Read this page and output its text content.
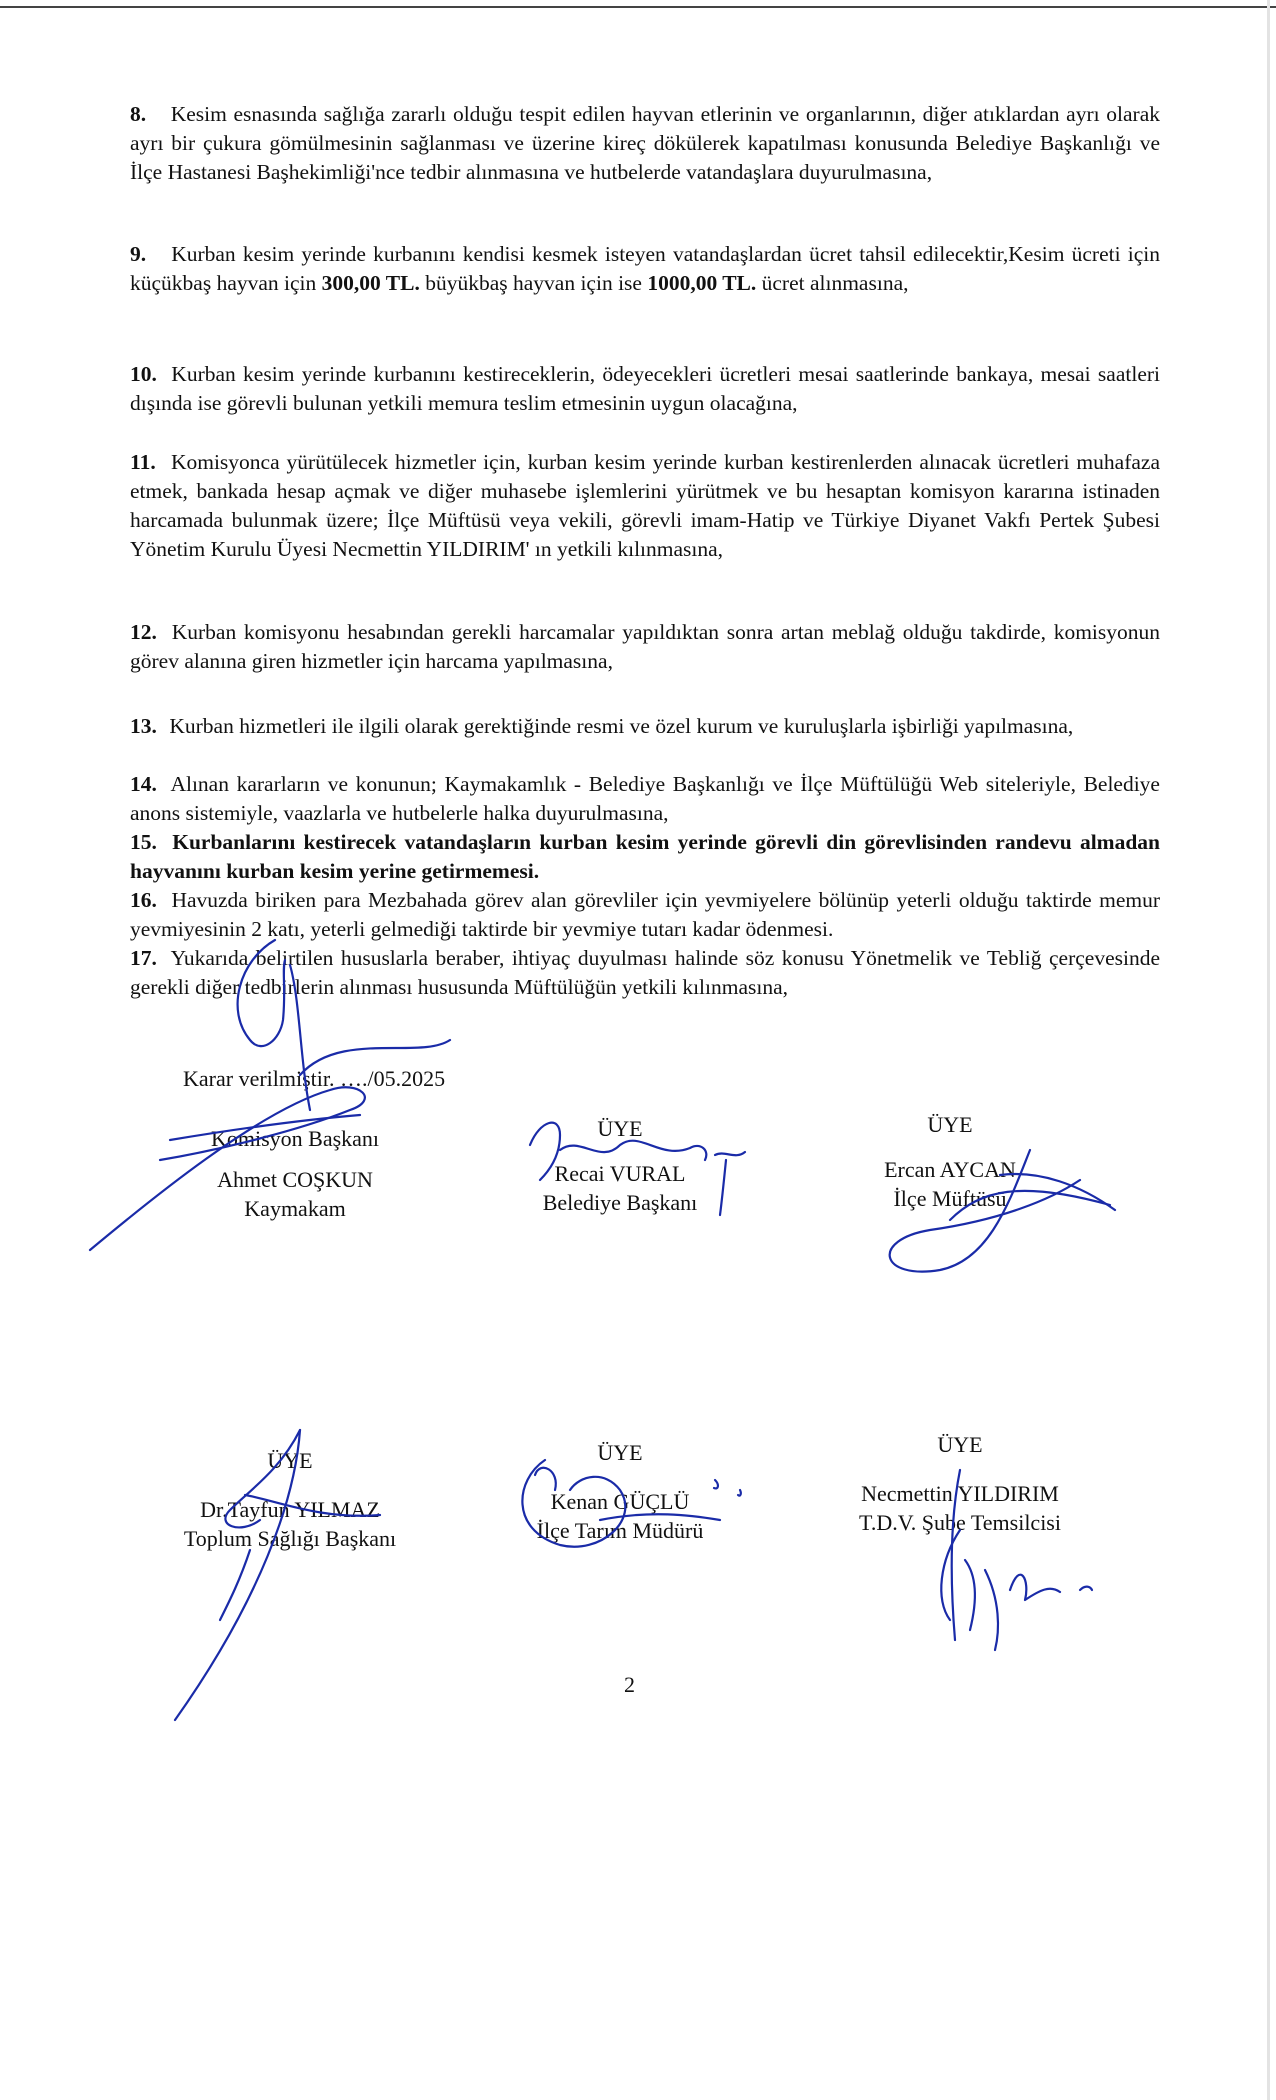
8. Kesim esnasında sağlığa zararlı olduğu tespit edilen hayvan etlerinin ve organlarının, diğer atıklardan ayrı olarak ayrı bir çukura gömülmesinin sağlanması ve üzerine kireç dökülerek kapatılması konusunda Belediye Başkanlığı ve İlçe Hastanesi Başhekimliği'nce tedbir alınmasına ve hutbelerde vatandaşlara duyurulmasına,
9. Kurban kesim yerinde kurbanını kendisi kesmek isteyen vatandaşlardan ücret tahsil edilecektir,Kesim ücreti için küçükbaş hayvan için 300,00 TL. büyükbaş hayvan için ise 1000,00 TL. ücret alınmasına,
10. Kurban kesim yerinde kurbanını kestireceklerin, ödeyecekleri ücretleri mesai saatlerinde bankaya, mesai saatleri dışında ise görevli bulunan yetkili memura teslim etmesinin uygun olacağına,
11. Komisyonca yürütülecek hizmetler için, kurban kesim yerinde kurban kestirenlerden alınacak ücretleri muhafaza etmek, bankada hesap açmak ve diğer muhasebe işlemlerini yürütmek ve bu hesaptan komisyon kararına istinaden harcamada bulunmak üzere; İlçe Müftüsü veya vekili, görevli imam-Hatip ve Türkiye Diyanet Vakfı Pertek Şubesi Yönetim Kurulu Üyesi Necmettin YILDIRIM' ın yetkili kılınmasına,
12. Kurban komisyonu hesabından gerekli harcamalar yapıldıktan sonra artan meblağ olduğu takdirde, komisyonun görev alanına giren hizmetler için harcama yapılmasına,
13. Kurban hizmetleri ile ilgili olarak gerektiğinde resmi ve özel kurum ve kuruluşlarla işbirliği yapılmasına,
14. Alınan kararların ve konunun; Kaymakamlık - Belediye Başkanlığı ve İlçe Müftülüğü Web siteleriyle, Belediye anons sistemiyle, vaazlarla ve hutbelerle halka duyurulmasına,
15. Kurbanlarını kestirecek vatandaşların kurban kesim yerinde görevli din görevlisinden randevu almadan hayvanını kurban kesim yerine getirmemesi.
16. Havuzda biriken para Mezbahada görev alan görevliler için yevmiyelere bölünüp yeterli olduğu taktirde memur yevmiyesinin 2 katı, yeterli gelmediği taktirde bir yevmiye tutarı kadar ödenmesi.
17. Yukarıda belirtilen hususlarla beraber, ihtiyaç duyulması halinde söz konusu Yönetmelik ve Tebliğ çerçevesinde gerekli diğer tedbirlerin alınması hususunda Müftülüğün yetkili kılınmasına,
Karar verilmiştir. …./05.2025
Komisyon Başkanı
Ahmet COŞKUN
Kaymakam
ÜYE
Recai VURAL
Belediye Başkanı
ÜYE
Ercan AYCAN
İlçe Müftüsü
ÜYE
Dr.Tayfun YILMAZ
Toplum Sağlığı Başkanı
ÜYE
Kenan GÜÇLÜ
İlçe Tarım Müdürü
ÜYE
Necmettin YILDIRIM
T.D.V. Şube Temsilcisi
2
